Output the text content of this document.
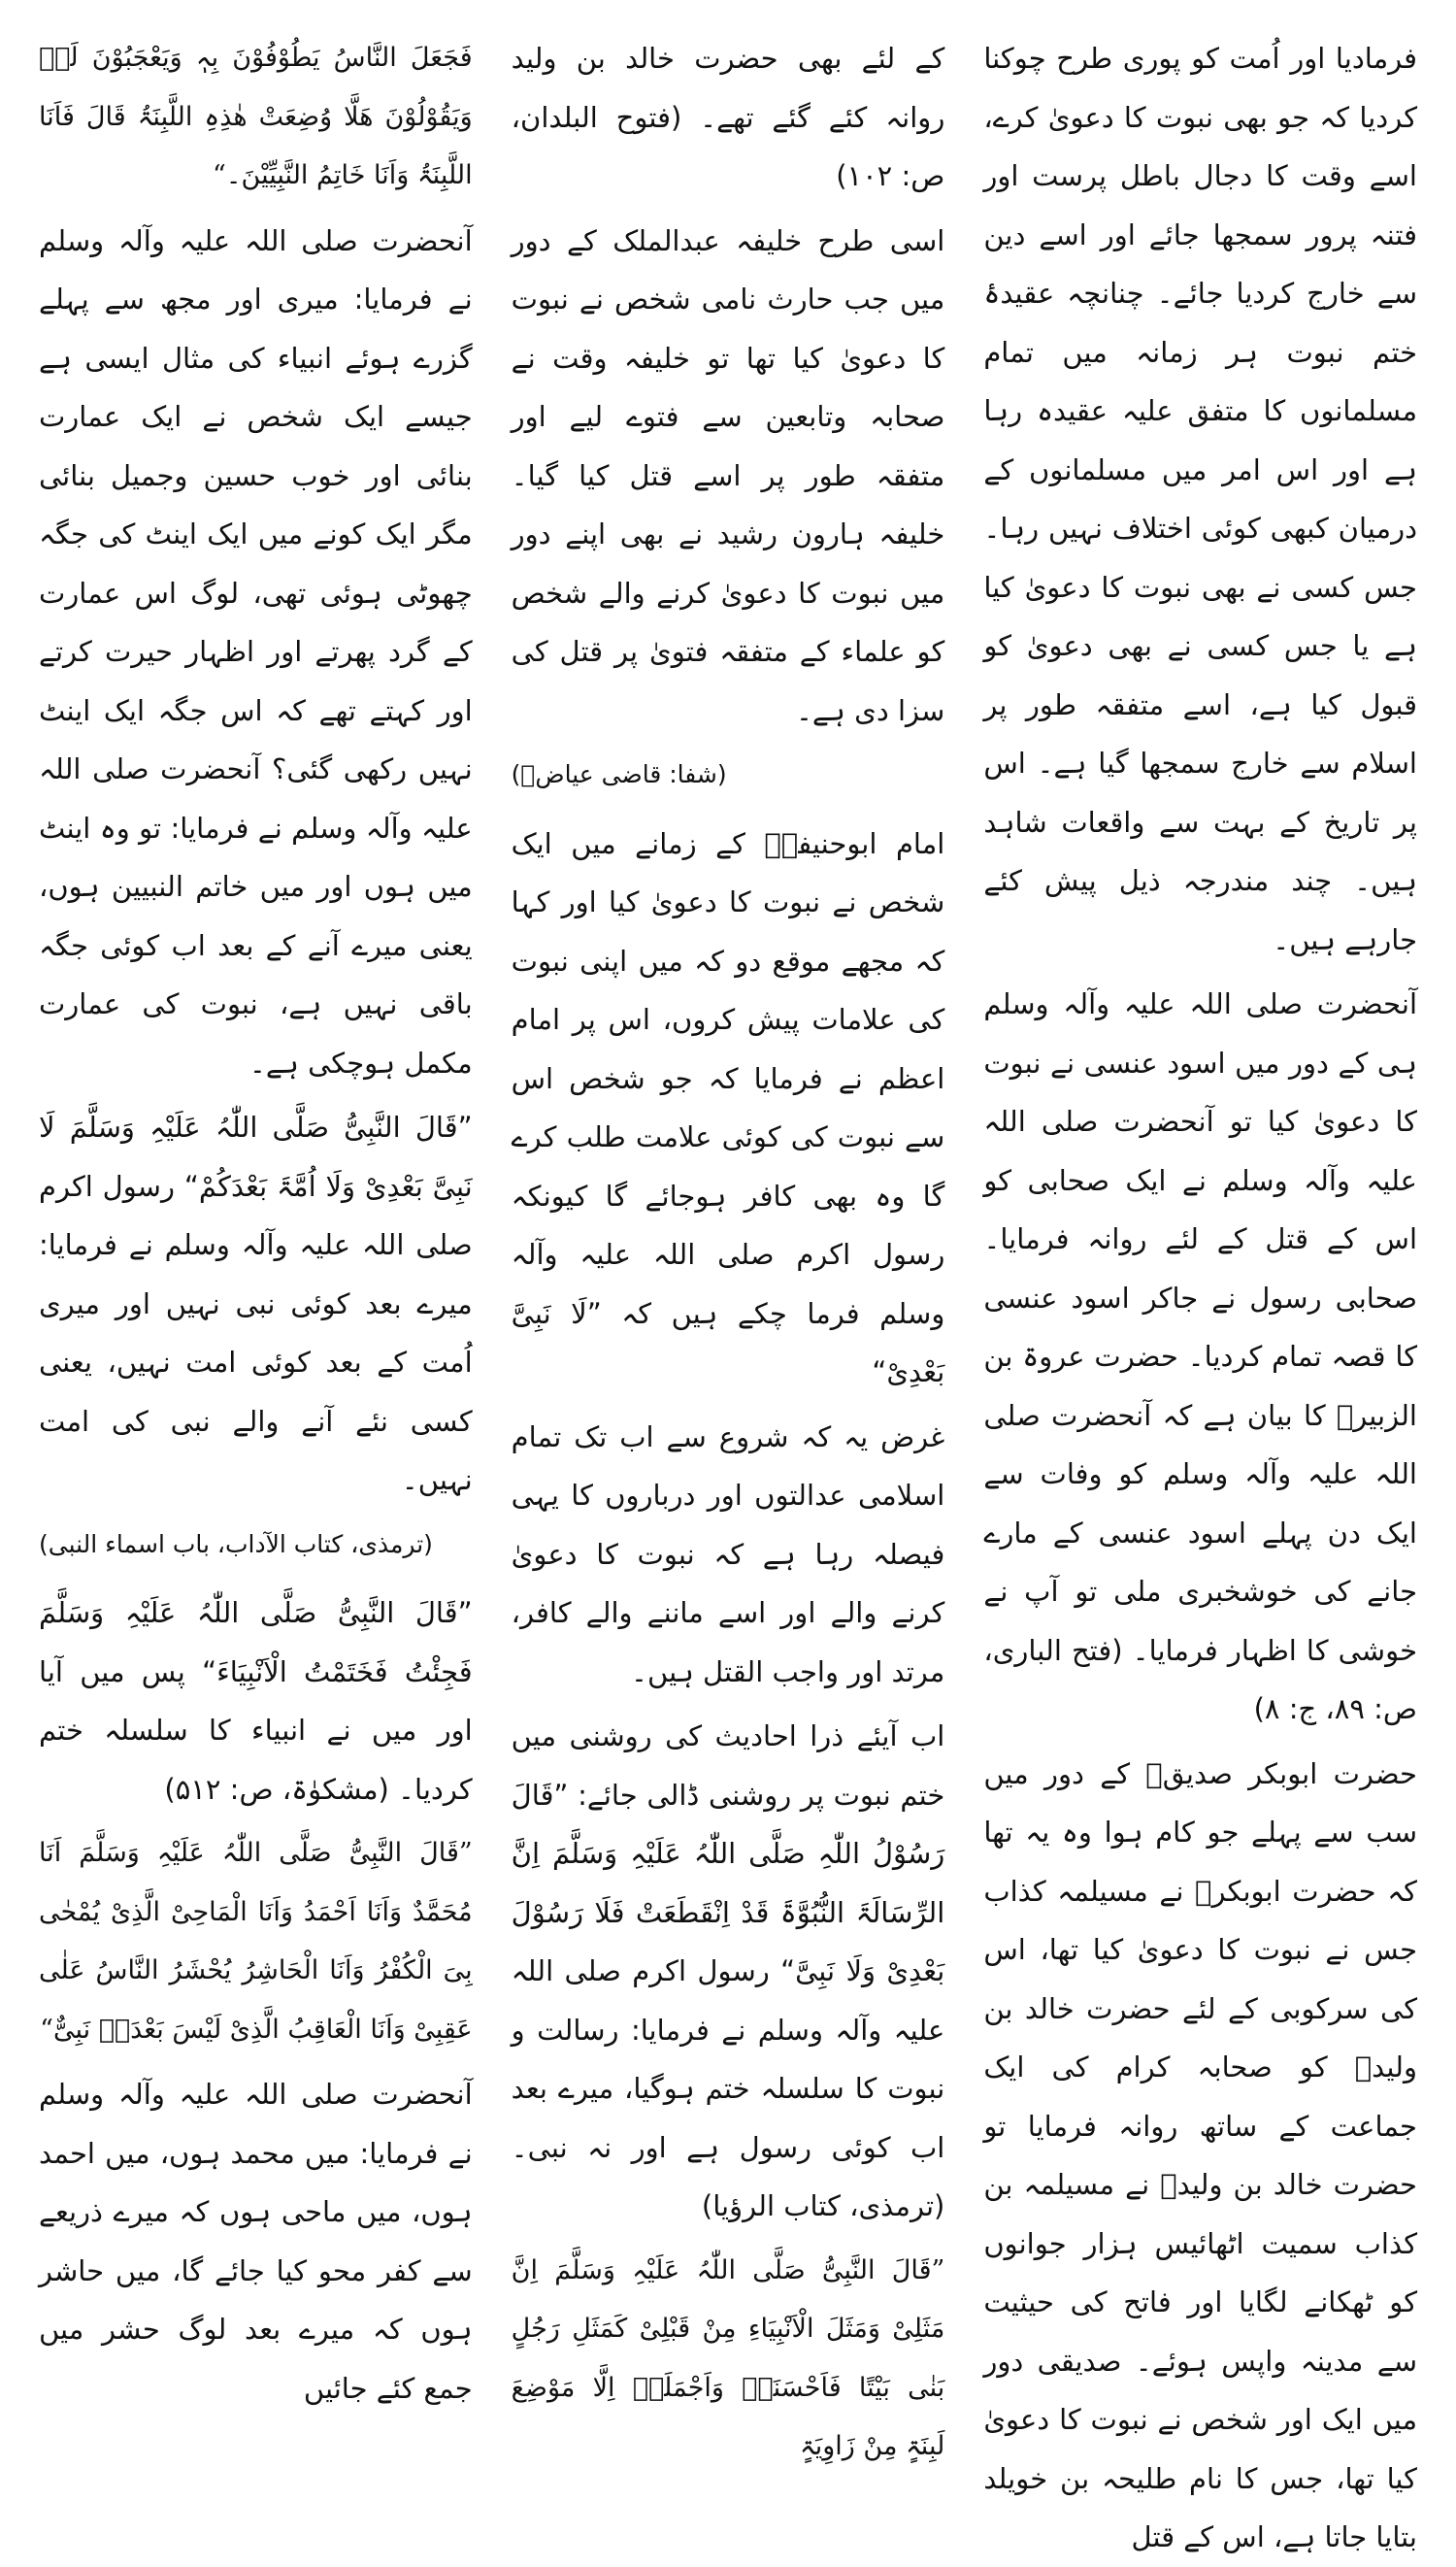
فرمادیا اور اُمت کو پوری طرح چوکنا کردیا کہ جو بھی نبوت کا دعویٰ کرے، اسے وقت کا دجال باطل پرست اور فتنہ پرور سمجھا جائے اور اسے دین سے خارج کردیا جائے۔ چنانچہ عقیدۂ ختم نبوت ہر زمانہ میں تمام مسلمانوں کا متفق علیہ عقیدہ رہا ہے اور اس امر میں مسلمانوں کے درمیان کبھی کوئی اختلاف نہیں رہا۔ جس کسی نے بھی نبوت کا دعویٰ کیا ہے یا جس کسی نے بھی دعویٰ کو قبول کیا ہے، اسے متفقہ طور پر اسلام سے خارج سمجھا گیا ہے۔ اس پر تاریخ کے بہت سے واقعات شاہد ہیں۔ چند مندرجہ ذیل پیش کئے جارہے ہیں۔

آنحضرت صلی اللہ علیہ وآلہ وسلم ہی کے دور میں اسود عنسی نے نبوت کا دعویٰ کیا تو آنحضرت صلی اللہ علیہ وآلہ وسلم نے ایک صحابی کو اس کے قتل کے لئے روانہ فرمایا۔ صحابی رسول نے جاکر اسود عنسی کا قصہ تمام کردیا۔ حضرت عروۃ بن الزبیرؓ کا بیان ہے کہ آنحضرت صلی اللہ علیہ وآلہ وسلم کو وفات سے ایک دن پہلے اسود عنسی کے مارے جانے کی خوشخبری ملی تو آپ نے خوشی کا اظہار فرمایا۔ (فتح الباری، ص: ۸۹، ج: ۸)

حضرت ابوبکر صدیقؓ کے دور میں سب سے پہلے جو کام ہوا وہ یہ تھا کہ حضرت ابوبکرؓ نے مسیلمہ کذاب جس نے نبوت کا دعویٰ کیا تھا، اس کی سرکوبی کے لئے حضرت خالد بن ولیدؓ کو صحابہ کرام کی ایک جماعت کے ساتھ روانہ فرمایا تو حضرت خالد بن ولیدؓ نے مسیلمہ بن کذاب سمیت اٹھائیس ہزار جوانوں کو ٹھکانے لگایا اور فاتح کی حیثیت سے مدینہ واپس ہوئے۔ صدیقی دور میں ایک اور شخص نے نبوت کا دعویٰ کیا تھا، جس کا نام طلیحہ بن خویلد بتایا جاتا ہے، اس کے قتل

کے لئے بھی حضرت خالد بن ولید روانہ کئے گئے تھے۔ (فتوح البلدان، ص: ۱۰۲)

اسی طرح خلیفہ عبدالملک کے دور میں جب حارث نامی شخص نے نبوت کا دعویٰ کیا تھا تو خلیفہ وقت نے صحابہ وتابعین سے فتوے لیے اور متفقہ طور پر اسے قتل کیا گیا۔ خلیفہ ہارون رشید نے بھی اپنے دور میں نبوت کا دعویٰ کرنے والے شخص کو علماء کے متفقہ فتویٰ پر قتل کی سزا دی ہے۔

(شفا: قاضی عیاضؒ)

امام ابوحنیفہؒ کے زمانے میں ایک شخص نے نبوت کا دعویٰ کیا اور کہا کہ مجھے موقع دو کہ میں اپنی نبوت کی علامات پیش کروں، اس پر امام اعظم نے فرمایا کہ جو شخص اس سے نبوت کی کوئی علامت طلب کرے گا وہ بھی کافر ہوجائے گا کیونکہ رسول اکرم صلی اللہ علیہ وآلہ وسلم فرما چکے ہیں کہ ”لَا نَبِیَّ بَعْدِیْ“

غرض یہ کہ شروع سے اب تک تمام اسلامی عدالتوں اور درباروں کا یہی فیصلہ رہا ہے کہ نبوت کا دعویٰ کرنے والے اور اسے ماننے والے کافر، مرتد اور واجب القتل ہیں۔

اب آیئے ذرا احادیث کی روشنی میں ختم نبوت پر روشنی ڈالی جائے: ”قَالَ رَسُوْلُ اللّٰہِ صَلَّی اللّٰہُ عَلَیْہِ وَسَلَّمَ اِنَّ الرِّسَالَۃَ النُّبُوَّۃَ قَدْ اِنْقَطَعَتْ فَلَا رَسُوْلَ بَعْدِیْ وَلَا نَبِیَّ“ رسول اکرم صلی اللہ علیہ وآلہ وسلم نے فرمایا: رسالت و نبوت کا سلسلہ ختم ہوگیا، میرے بعد اب کوئی رسول ہے اور نہ نبی۔ (ترمذی، کتاب الرؤیا)

”قَالَ النَّبِیُّ صَلَّی اللّٰہُ عَلَیْہِ وَسَلَّمَ اِنَّ مَثَلِیْ وَمَثَلَ الْاَنْبِیَاءِ مِنْ قَبْلِیْ کَمَثَلِ رَجُلٍ بَنٰی بَیْتًا فَاَحْسَنَہٗ وَاَجْمَلَہٗ اِلَّا مَوْضِعَ لَبِنَۃٍ مِنْ زَاوِیَۃٍ

فَجَعَلَ النَّاسُ یَطُوْفُوْنَ بِہٖ وَیَعْجَبُوْنَ لَہٗ وَیَقُوْلُوْنَ ھَلَّا وُضِعَتْ ھٰذِہِ اللَّبِنَۃُ قَالَ فَاَنَا اللَّبِنَۃُ وَاَنَا خَاتِمُ النَّبِیِّیْنَ۔“

آنحضرت صلی اللہ علیہ وآلہ وسلم نے فرمایا: میری اور مجھ سے پہلے گزرے ہوئے انبیاء کی مثال ایسی ہے جیسے ایک شخص نے ایک عمارت بنائی اور خوب حسین وجمیل بنائی مگر ایک کونے میں ایک اینٹ کی جگہ چھوٹی ہوئی تھی، لوگ اس عمارت کے گرد پھرتے اور اظہار حیرت کرتے اور کہتے تھے کہ اس جگہ ایک اینٹ نہیں رکھی گئی؟ آنحضرت صلی اللہ علیہ وآلہ وسلم نے فرمایا: تو وہ اینٹ میں ہوں اور میں خاتم النبیین ہوں، یعنی میرے آنے کے بعد اب کوئی جگہ باقی نہیں ہے، نبوت کی عمارت مکمل ہوچکی ہے۔

”قَالَ النَّبِیُّ صَلَّی اللّٰہُ عَلَیْہِ وَسَلَّمَ لَا نَبِیَّ بَعْدِیْ وَلَا اُمَّۃَ بَعْدَکُمْ“ رسول اکرم صلی اللہ علیہ وآلہ وسلم نے فرمایا: میرے بعد کوئی نبی نہیں اور میری اُمت کے بعد کوئی امت نہیں، یعنی کسی نئے آنے والے نبی کی امت نہیں۔

(ترمذی، کتاب الآداب، باب اسماء النبی)

”قَالَ النَّبِیُّ صَلَّی اللّٰہُ عَلَیْہِ وَسَلَّمَ فَجِئْتُ فَخَتَمْتُ الْاَنْبِیَاءَ“ پس میں آیا اور میں نے انبیاء کا سلسلہ ختم کردیا۔ (مشکوٰۃ، ص: ۵۱۲)

”قَالَ النَّبِیُّ صَلَّی اللّٰہُ عَلَیْہِ وَسَلَّمَ اَنَا مُحَمَّدٌ وَاَنَا اَحْمَدُ وَاَنَا الْمَاحِیْ الَّذِیْ یُمْحٰی بِیَ الْکُفْرُ وَاَنَا الْحَاشِرُ یُحْشَرُ النَّاسُ عَلٰی عَقِبِیْ وَاَنَا الْعَاقِبُ الَّذِیْ لَیْسَ بَعْدَہٗ نَبِیٌّ“

آنحضرت صلی اللہ علیہ وآلہ وسلم نے فرمایا: میں محمد ہوں، میں احمد ہوں، میں ماحی ہوں کہ میرے ذریعے سے کفر محو کیا جائے گا، میں حاشر ہوں کہ میرے بعد لوگ حشر میں جمع کئے جائیں
